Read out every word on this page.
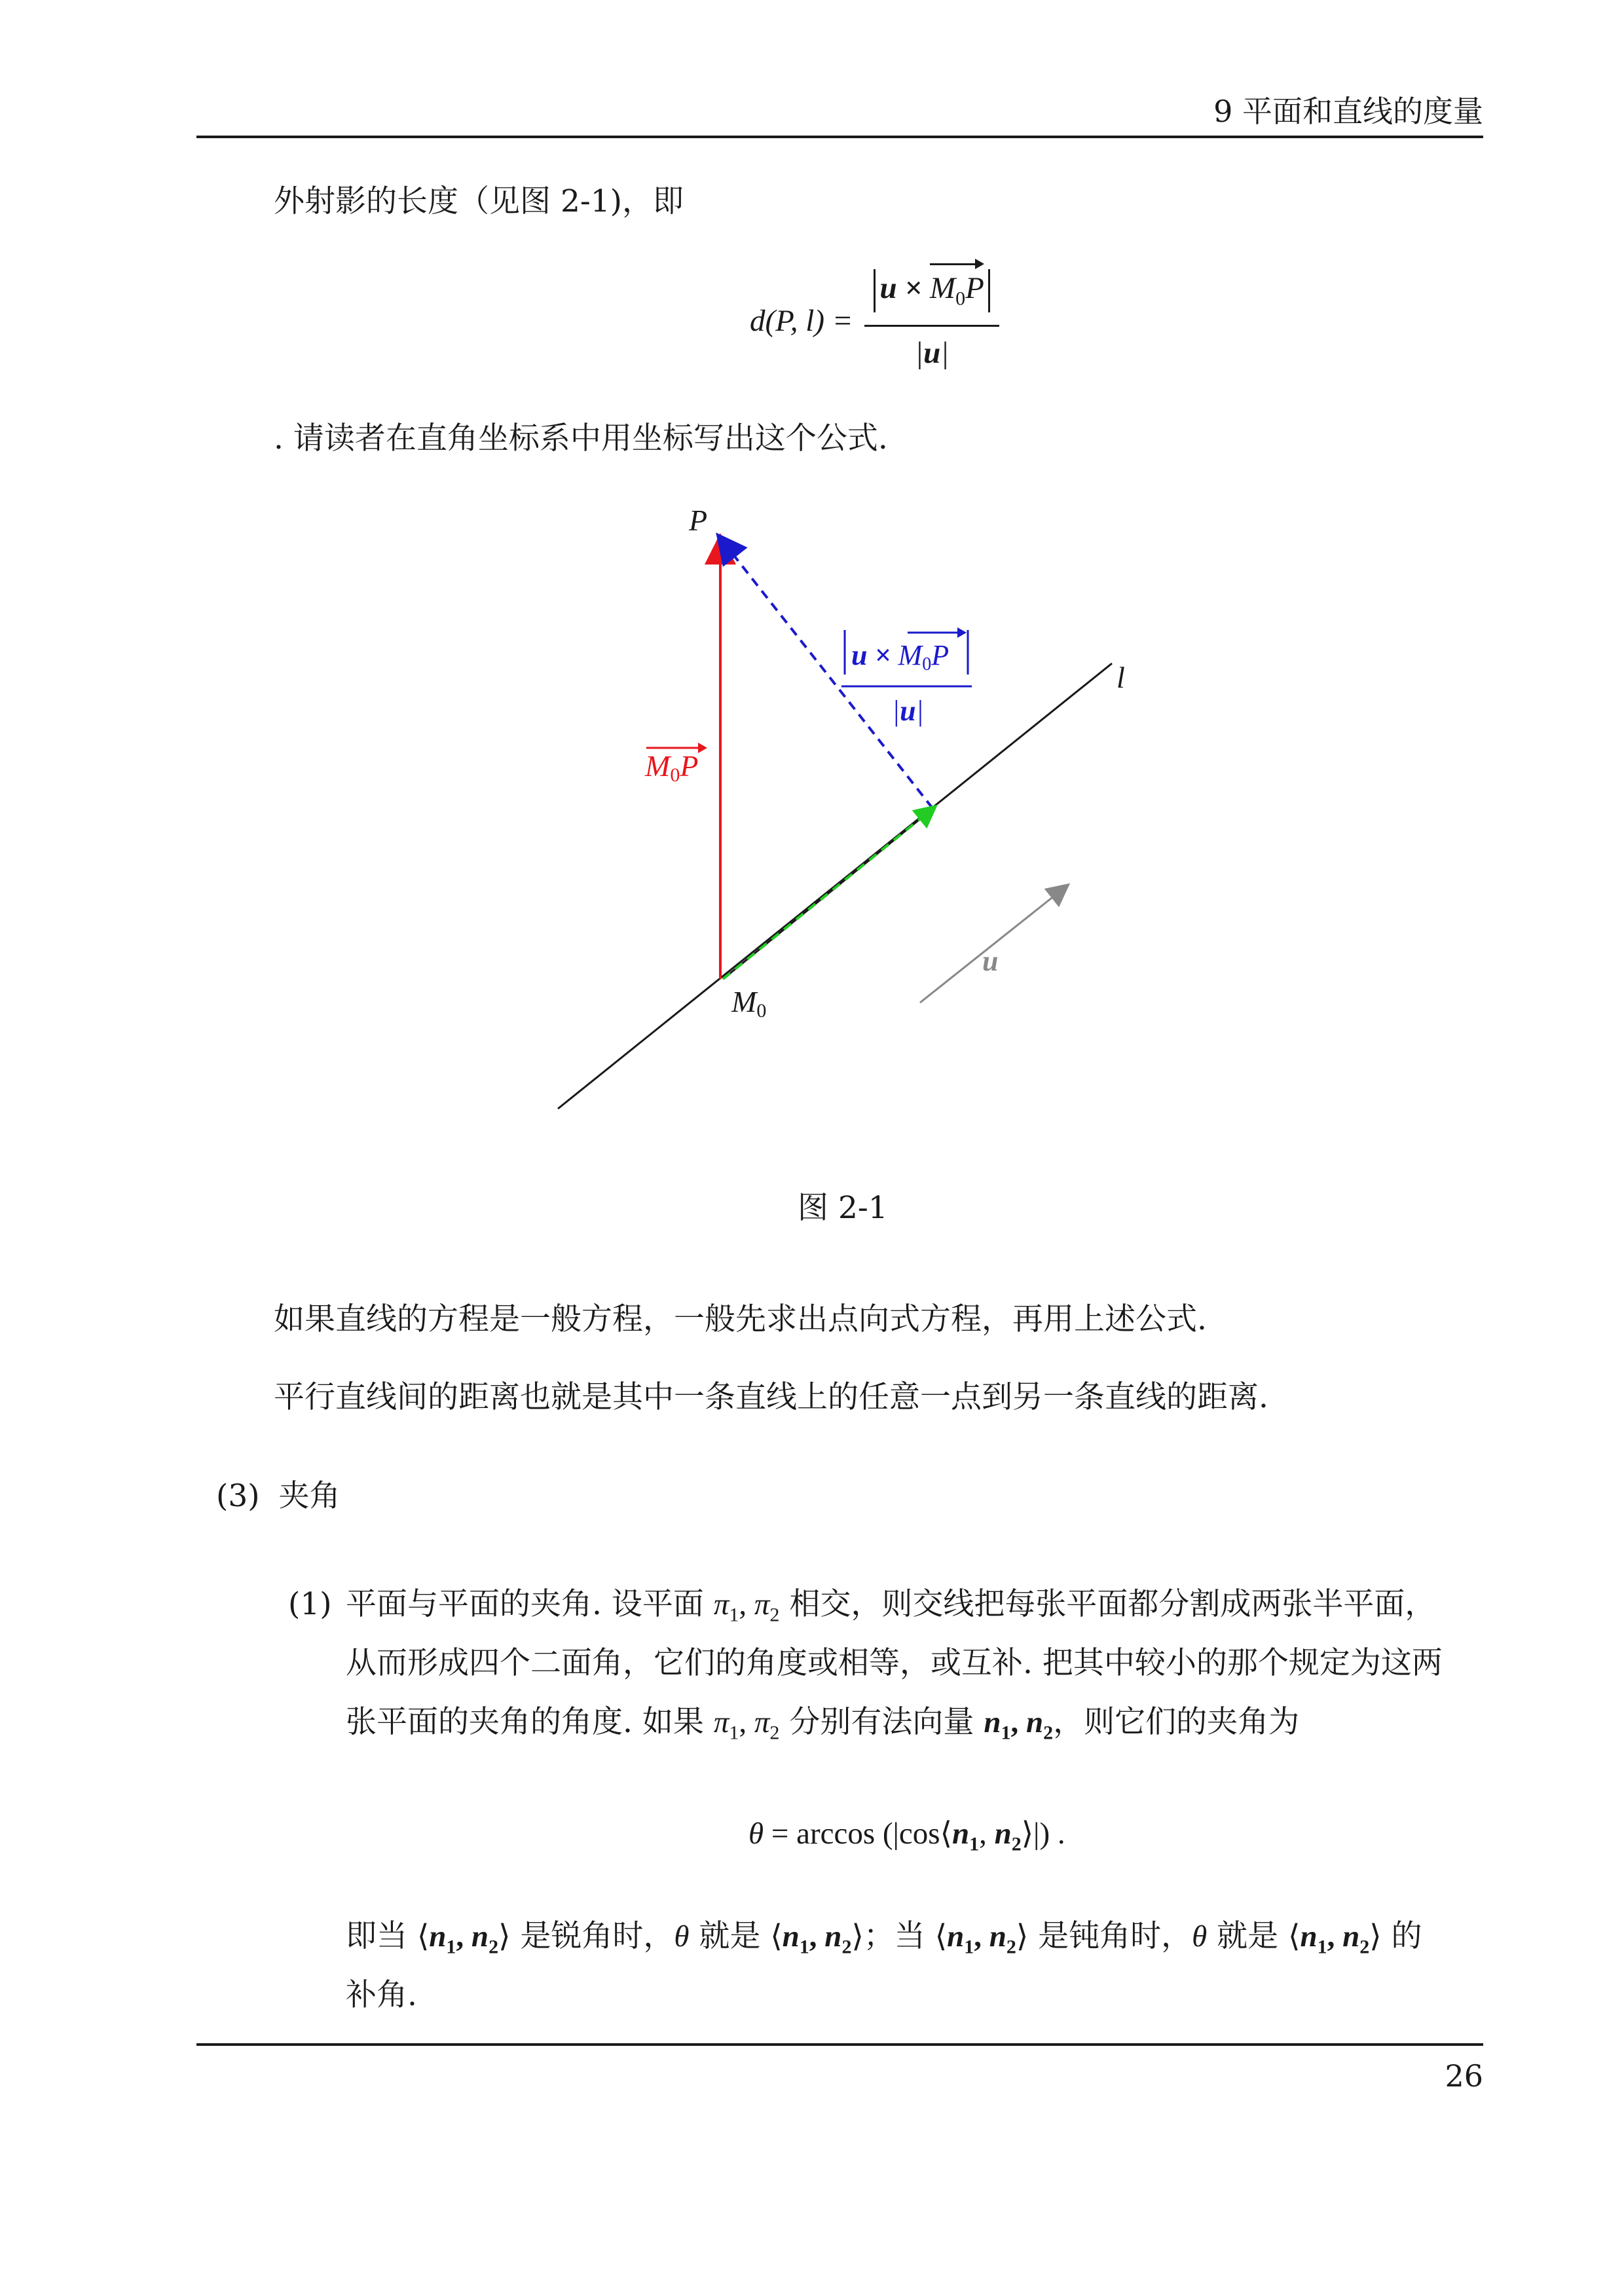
9 平面和直线的度量
外射影的长度（见图 2-1)，即
d(P, $l) = \frac{u \times M_0P}{|u|}$
. 请读者在直角坐标系中用坐标写出这个公式.
P
l
M0
u
M0P
u × M0P
|u|
图 2-1
如果直线的方程是一般方程，一般先求出点向式方程，再用上述公式.
平行直线间的距离也就是其中一条直线上的任意一点到另一条直线的距离.
(3) 夹角
(1) 平面与平面的夹角. 设平面 $\pi_1$, $\pi_2$ 相交，则交线把每张平面都分割成两张半平面，
从而形成四个二面角，它们的角度或相等，或互补. 把其中较小的那个规定为这两
张平面的夹角的角度. 如果 $\pi_1$, $\pi_2$ 分别有法向量 $n_1$, $n_2$，则它们的夹角为
$\theta = \arccos (|\cos⟨n_1$, $n_2⟩|$) .
即当 $⟨n_1$, $n_2⟩$ 是锐角时，θ 就是 $⟨n_1$, $n_2⟩$；当 $⟨n_1$, $n_2⟩$ 是钝角时，θ 就是 $⟨n_1$, $n_2⟩$ 的
补角.
26
